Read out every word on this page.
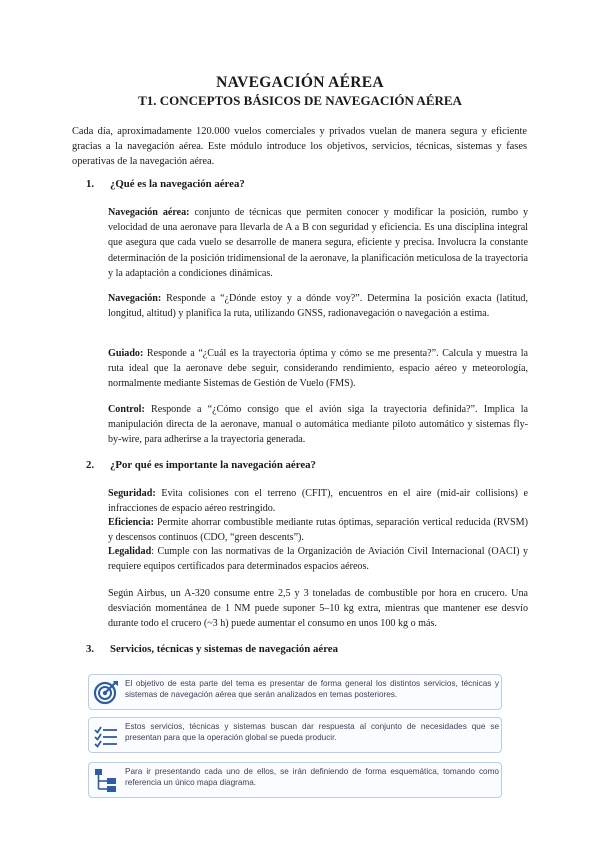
NAVEGACIÓN AÉREA
T1. CONCEPTOS BÁSICOS DE NAVEGACIÓN AÉREA
Cada día, aproximadamente 120.000 vuelos comerciales y privados vuelan de manera segura y eficiente gracias a la navegación aérea. Este módulo introduce los objetivos, servicios, técnicas, sistemas y fases operativas de la navegación aérea.
1. ¿Qué es la navegación aérea?
Navegación aérea: conjunto de técnicas que permiten conocer y modificar la posición, rumbo y velocidad de una aeronave para llevarla de A a B con seguridad y eficiencia. Es una disciplina integral que asegura que cada vuelo se desarrolle de manera segura, eficiente y precisa. Involucra la constante determinación de la posición tridimensional de la aeronave, la planificación meticulosa de la trayectoria y la adaptación a condiciones dinámicas.
Navegación: Responde a “¿Dónde estoy y a dónde voy?”. Determina la posición exacta (latitud, longitud, altitud) y planifica la ruta, utilizando GNSS, radionavegación o navegación a estima.
Guiado: Responde a “¿Cuál es la trayectoria óptima y cómo se me presenta?”. Calcula y muestra la ruta ideal que la aeronave debe seguir, considerando rendimiento, espacio aéreo y meteorología, normalmente mediante Sistemas de Gestión de Vuelo (FMS).
Control: Responde a “¿Cómo consigo que el avión siga la trayectoria definida?”. Implica la manipulación directa de la aeronave, manual o automática mediante piloto automático y sistemas fly-by-wire, para adherirse a la trayectoria generada.
2. ¿Por qué es importante la navegación aérea?
Seguridad: Evita colisiones con el terreno (CFIT), encuentros en el aire (mid-air collisions) e infracciones de espacio aéreo restringido.
Eficiencia: Permite ahorrar combustible mediante rutas óptimas, separación vertical reducida (RVSM) y descensos continuos (CDO, “green descents”).
Legalidad: Cumple con las normativas de la Organización de Aviación Civil Internacional (OACI) y requiere equipos certificados para determinados espacios aéreos.
Según Airbus, un A-320 consume entre 2,5 y 3 toneladas de combustible por hora en crucero. Una desviación momentánea de 1 NM puede suponer 5–10 kg extra, mientras que mantener ese desvío durante todo el crucero (~3 h) puede aumentar el consumo en unos 100 kg o más.
3. Servicios, técnicas y sistemas de navegación aérea
El objetivo de esta parte del tema es presentar de forma general los distintos servicios, técnicas y sistemas de navegación aérea que serán analizados en temas posteriores.
Estos servicios, técnicas y sistemas buscan dar respuesta al conjunto de necesidades que se presentan para que la operación global se pueda producir.
Para ir presentando cada uno de ellos, se irán definiendo de forma esquemática, tomando como referencia un único mapa diagrama.
